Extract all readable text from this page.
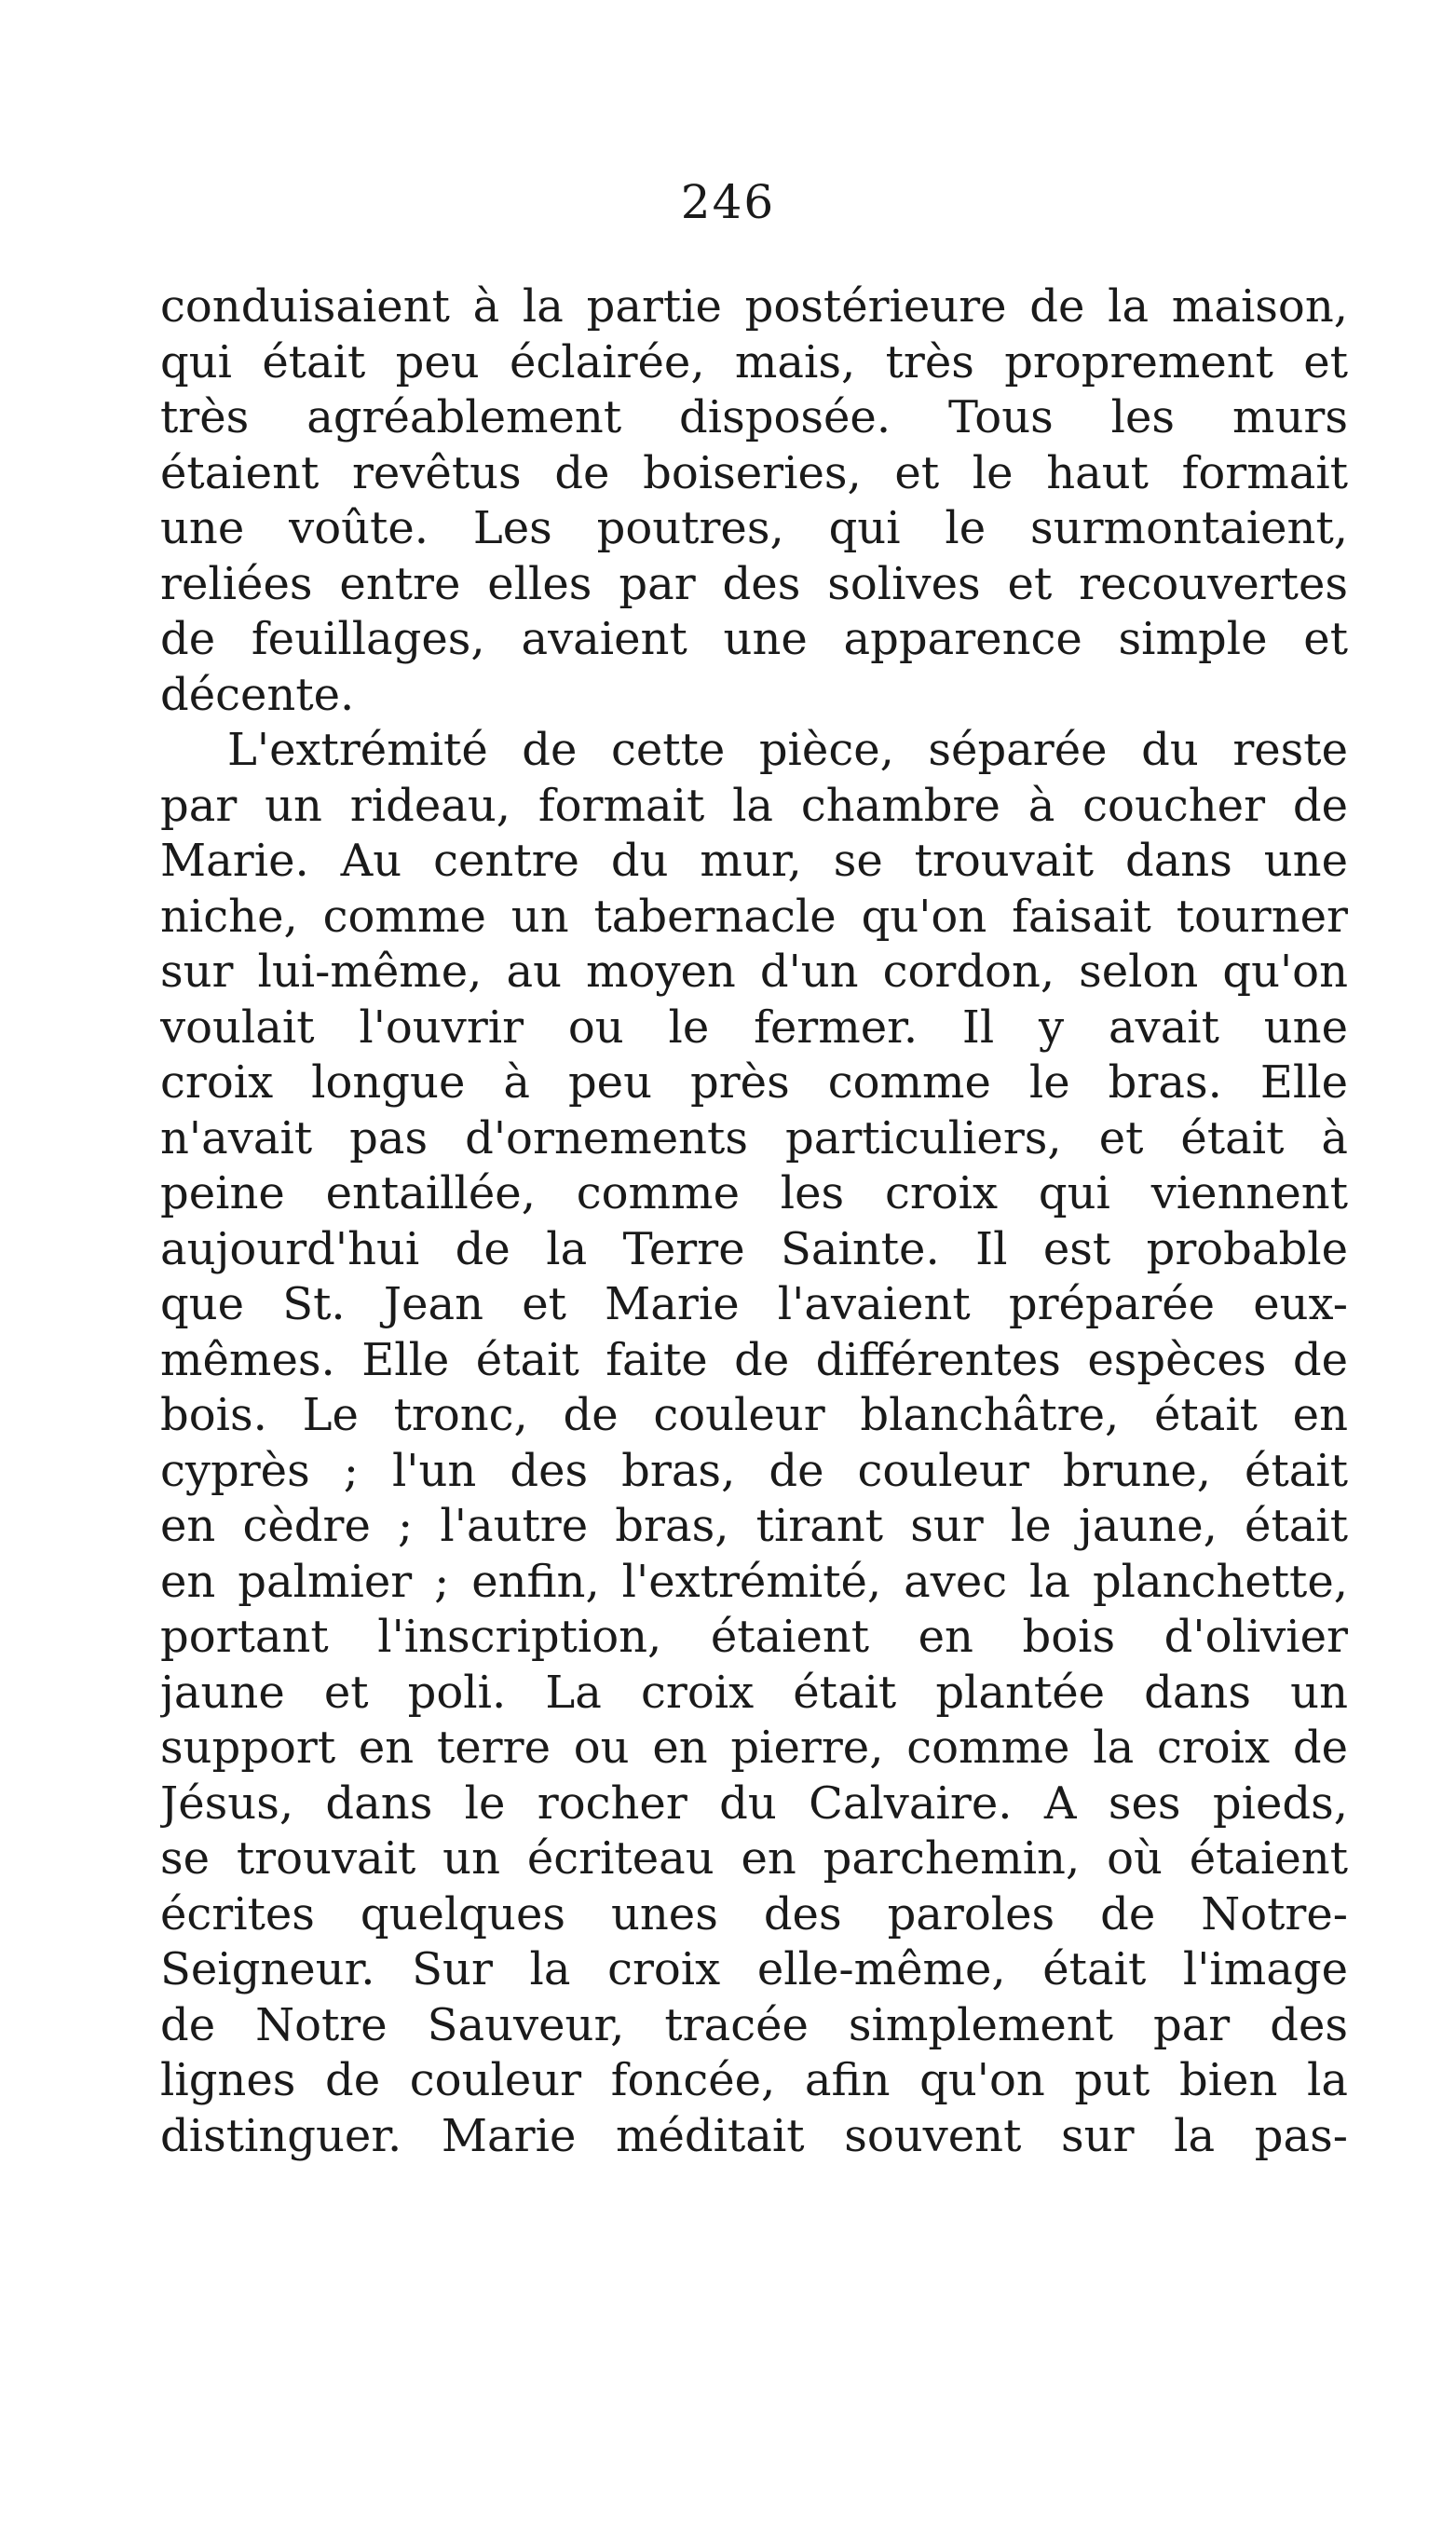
246
conduisaient à la partie postérieure de la maison,
qui était peu éclairée, mais, très proprement et
très agréablement disposée. Tous les murs
étaient revêtus de boiseries, et le haut formait
une voûte. Les poutres, qui le surmontaient,
reliées entre elles par des solives et recouvertes
de feuillages, avaient une apparence simple et
décente.
L'extrémité de cette pièce, séparée du reste
par un rideau, formait la chambre à coucher de
Marie. Au centre du mur, se trouvait dans une
niche, comme un tabernacle qu'on faisait tourner
sur lui-même, au moyen d'un cordon, selon qu'on
voulait l'ouvrir ou le fermer. Il y avait une
croix longue à peu près comme le bras. Elle
n'avait pas d'ornements particuliers, et était à
peine entaillée, comme les croix qui viennent
aujourd'hui de la Terre Sainte. Il est probable
que St. Jean et Marie l'avaient préparée eux-
mêmes. Elle était faite de différentes espèces de
bois. Le tronc, de couleur blanchâtre, était en
cyprès ; l'un des bras, de couleur brune, était
en cèdre ; l'autre bras, tirant sur le jaune, était
en palmier ; enfin, l'extrémité, avec la planchette,
portant l'inscription, étaient en bois d'olivier
jaune et poli. La croix était plantée dans un
support en terre ou en pierre, comme la croix de
Jésus, dans le rocher du Calvaire. A ses pieds,
se trouvait un écriteau en parchemin, où étaient
écrites quelques unes des paroles de Notre-
Seigneur. Sur la croix elle-même, était l'image
de Notre Sauveur, tracée simplement par des
lignes de couleur foncée, afin qu'on put bien la
distinguer. Marie méditait souvent sur la pas-
